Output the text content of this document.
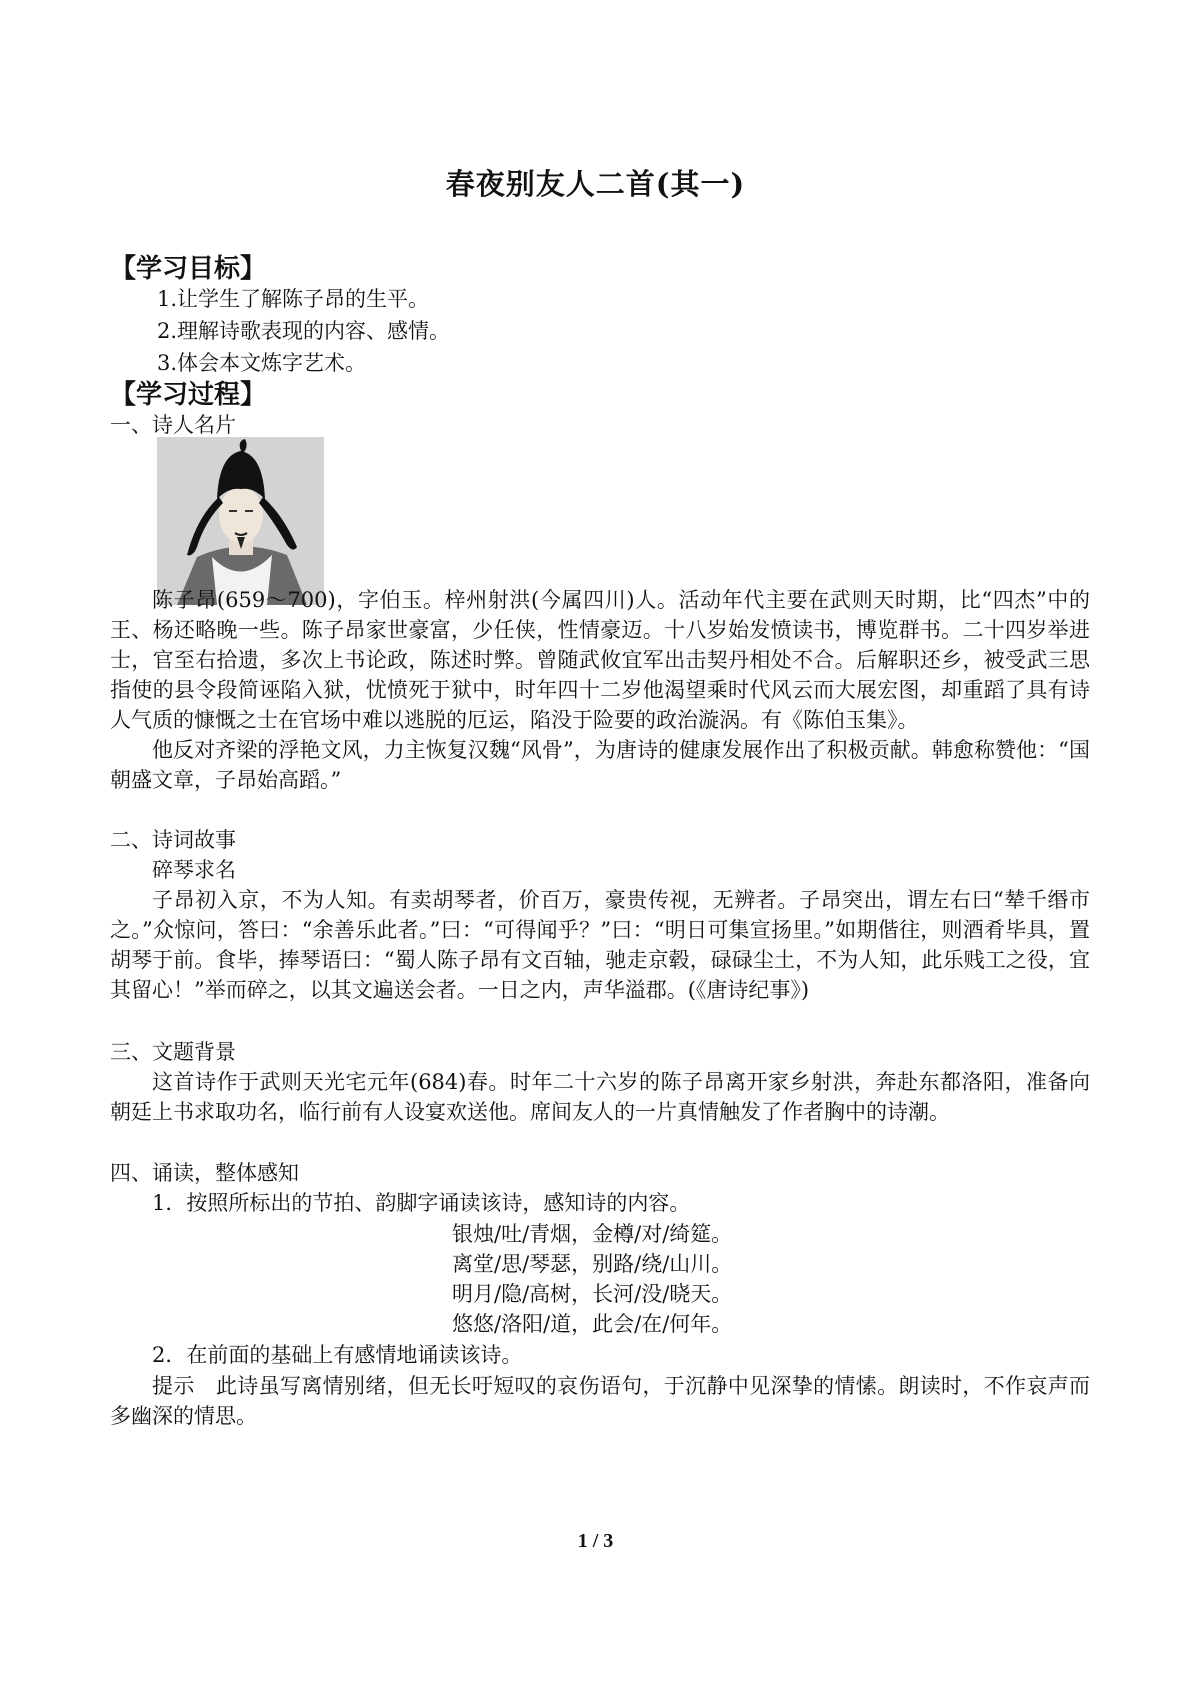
春夜别友人二首(其一)
【学习目标】
1.让学生了解陈子昂的生平。
2.理解诗歌表现的内容、感情。
3.体会本文炼字艺术。
【学习过程】
一、诗人名片

陈子昂(659～700)，字伯玉。梓州射洪(今属四川)人。活动年代主要在武则天时期，比“四杰”中的王、杨还略晚一些。陈子昂家世豪富，少任侠，性情豪迈。十八岁始发愤读书，博览群书。二十四岁举进士，官至右拾遗，多次上书论政，陈述时弊。曾随武攸宜军出击契丹相处不合。后解职还乡，被受武三思指使的县令段简诬陷入狱，忧愤死于狱中，时年四十二岁他渴望乘时代风云而大展宏图，却重蹈了具有诗人气质的慷慨之士在官场中难以逃脱的厄运，陷没于险要的政治漩涡。有《陈伯玉集》。

他反对齐梁的浮艳文风，力主恢复汉魏“风骨”，为唐诗的健康发展作出了积极贡献。韩愈称赞他：“国朝盛文章，子昂始高蹈。”

二、诗词故事
碎琴求名

子昂初入京，不为人知。有卖胡琴者，价百万，豪贵传视，无辨者。子昂突出，谓左右曰“辇千缗市之。”众惊问，答曰：“余善乐此者。”曰：“可得闻乎？”曰：“明日可集宣扬里。”如期偕往，则酒肴毕具，置胡琴于前。食毕，捧琴语曰：“蜀人陈子昂有文百轴，驰走京毂，碌碌尘土，不为人知，此乐贱工之役，宜其留心！”举而碎之，以其文遍送会者。一日之内，声华溢郡。(《唐诗纪事》)

三、文题背景

这首诗作于武则天光宅元年(684)春。时年二十六岁的陈子昂离开家乡射洪，奔赴东都洛阳，准备向朝廷上书求取功名，临行前有人设宴欢送他。席间友人的一片真情触发了作者胸中的诗潮。

四、诵读，整体感知
1．按照所标出的节拍、韵脚字诵读该诗，感知诗的内容。
银烛/吐/青烟，金樽/对/绮筵。
离堂/思/琴瑟，别路/绕/山川。
明月/隐/高树，长河/没/晓天。
悠悠/洛阳/道，此会/在/何年。
2．在前面的基础上有感情地诵读该诗。

提示　此诗虽写离情别绪，但无长吁短叹的哀伤语句，于沉静中见深挚的情愫。朗读时，不作哀声而多幽深的情思。

1 / 3
